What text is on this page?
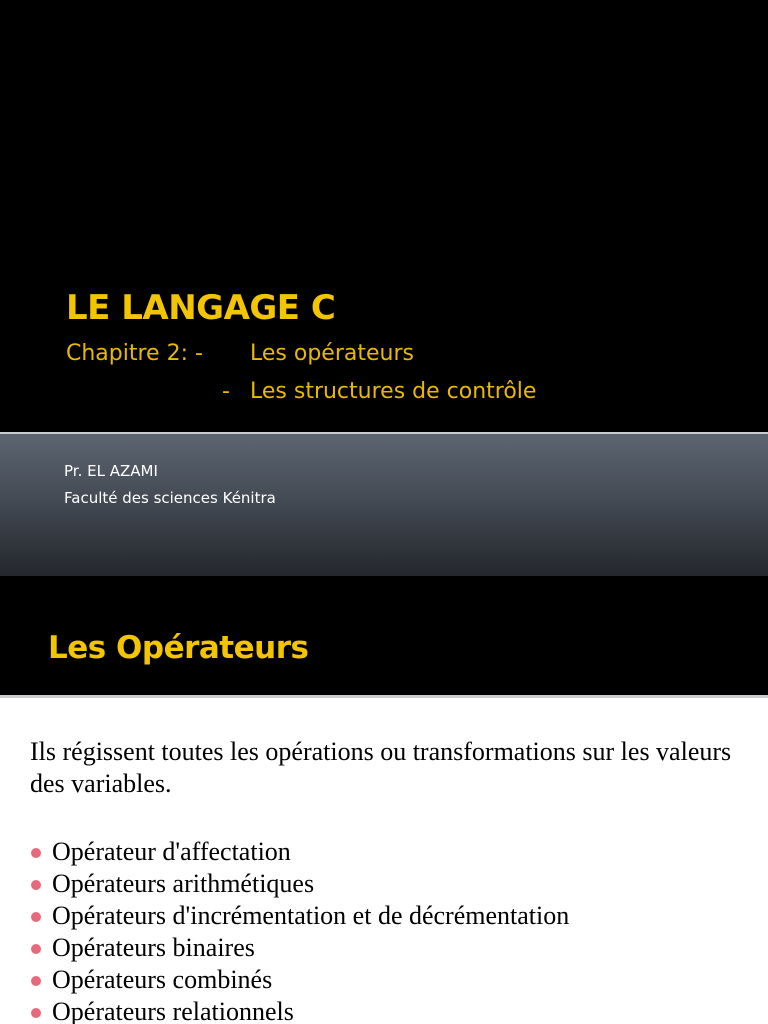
LE LANGAGE C
Chapitre 2: - Les opérateurs
- Les structures de contrôle
Pr. EL AZAMI
Faculté des sciences Kénitra
Les Opérateurs

Ils régissent toutes les opérations ou transformations sur les valeurs des variables.

Opérateur d'affectation
Opérateurs arithmétiques
Opérateurs d'incrémentation et de décrémentation
Opérateurs binaires
Opérateurs combinés
Opérateurs relationnels
